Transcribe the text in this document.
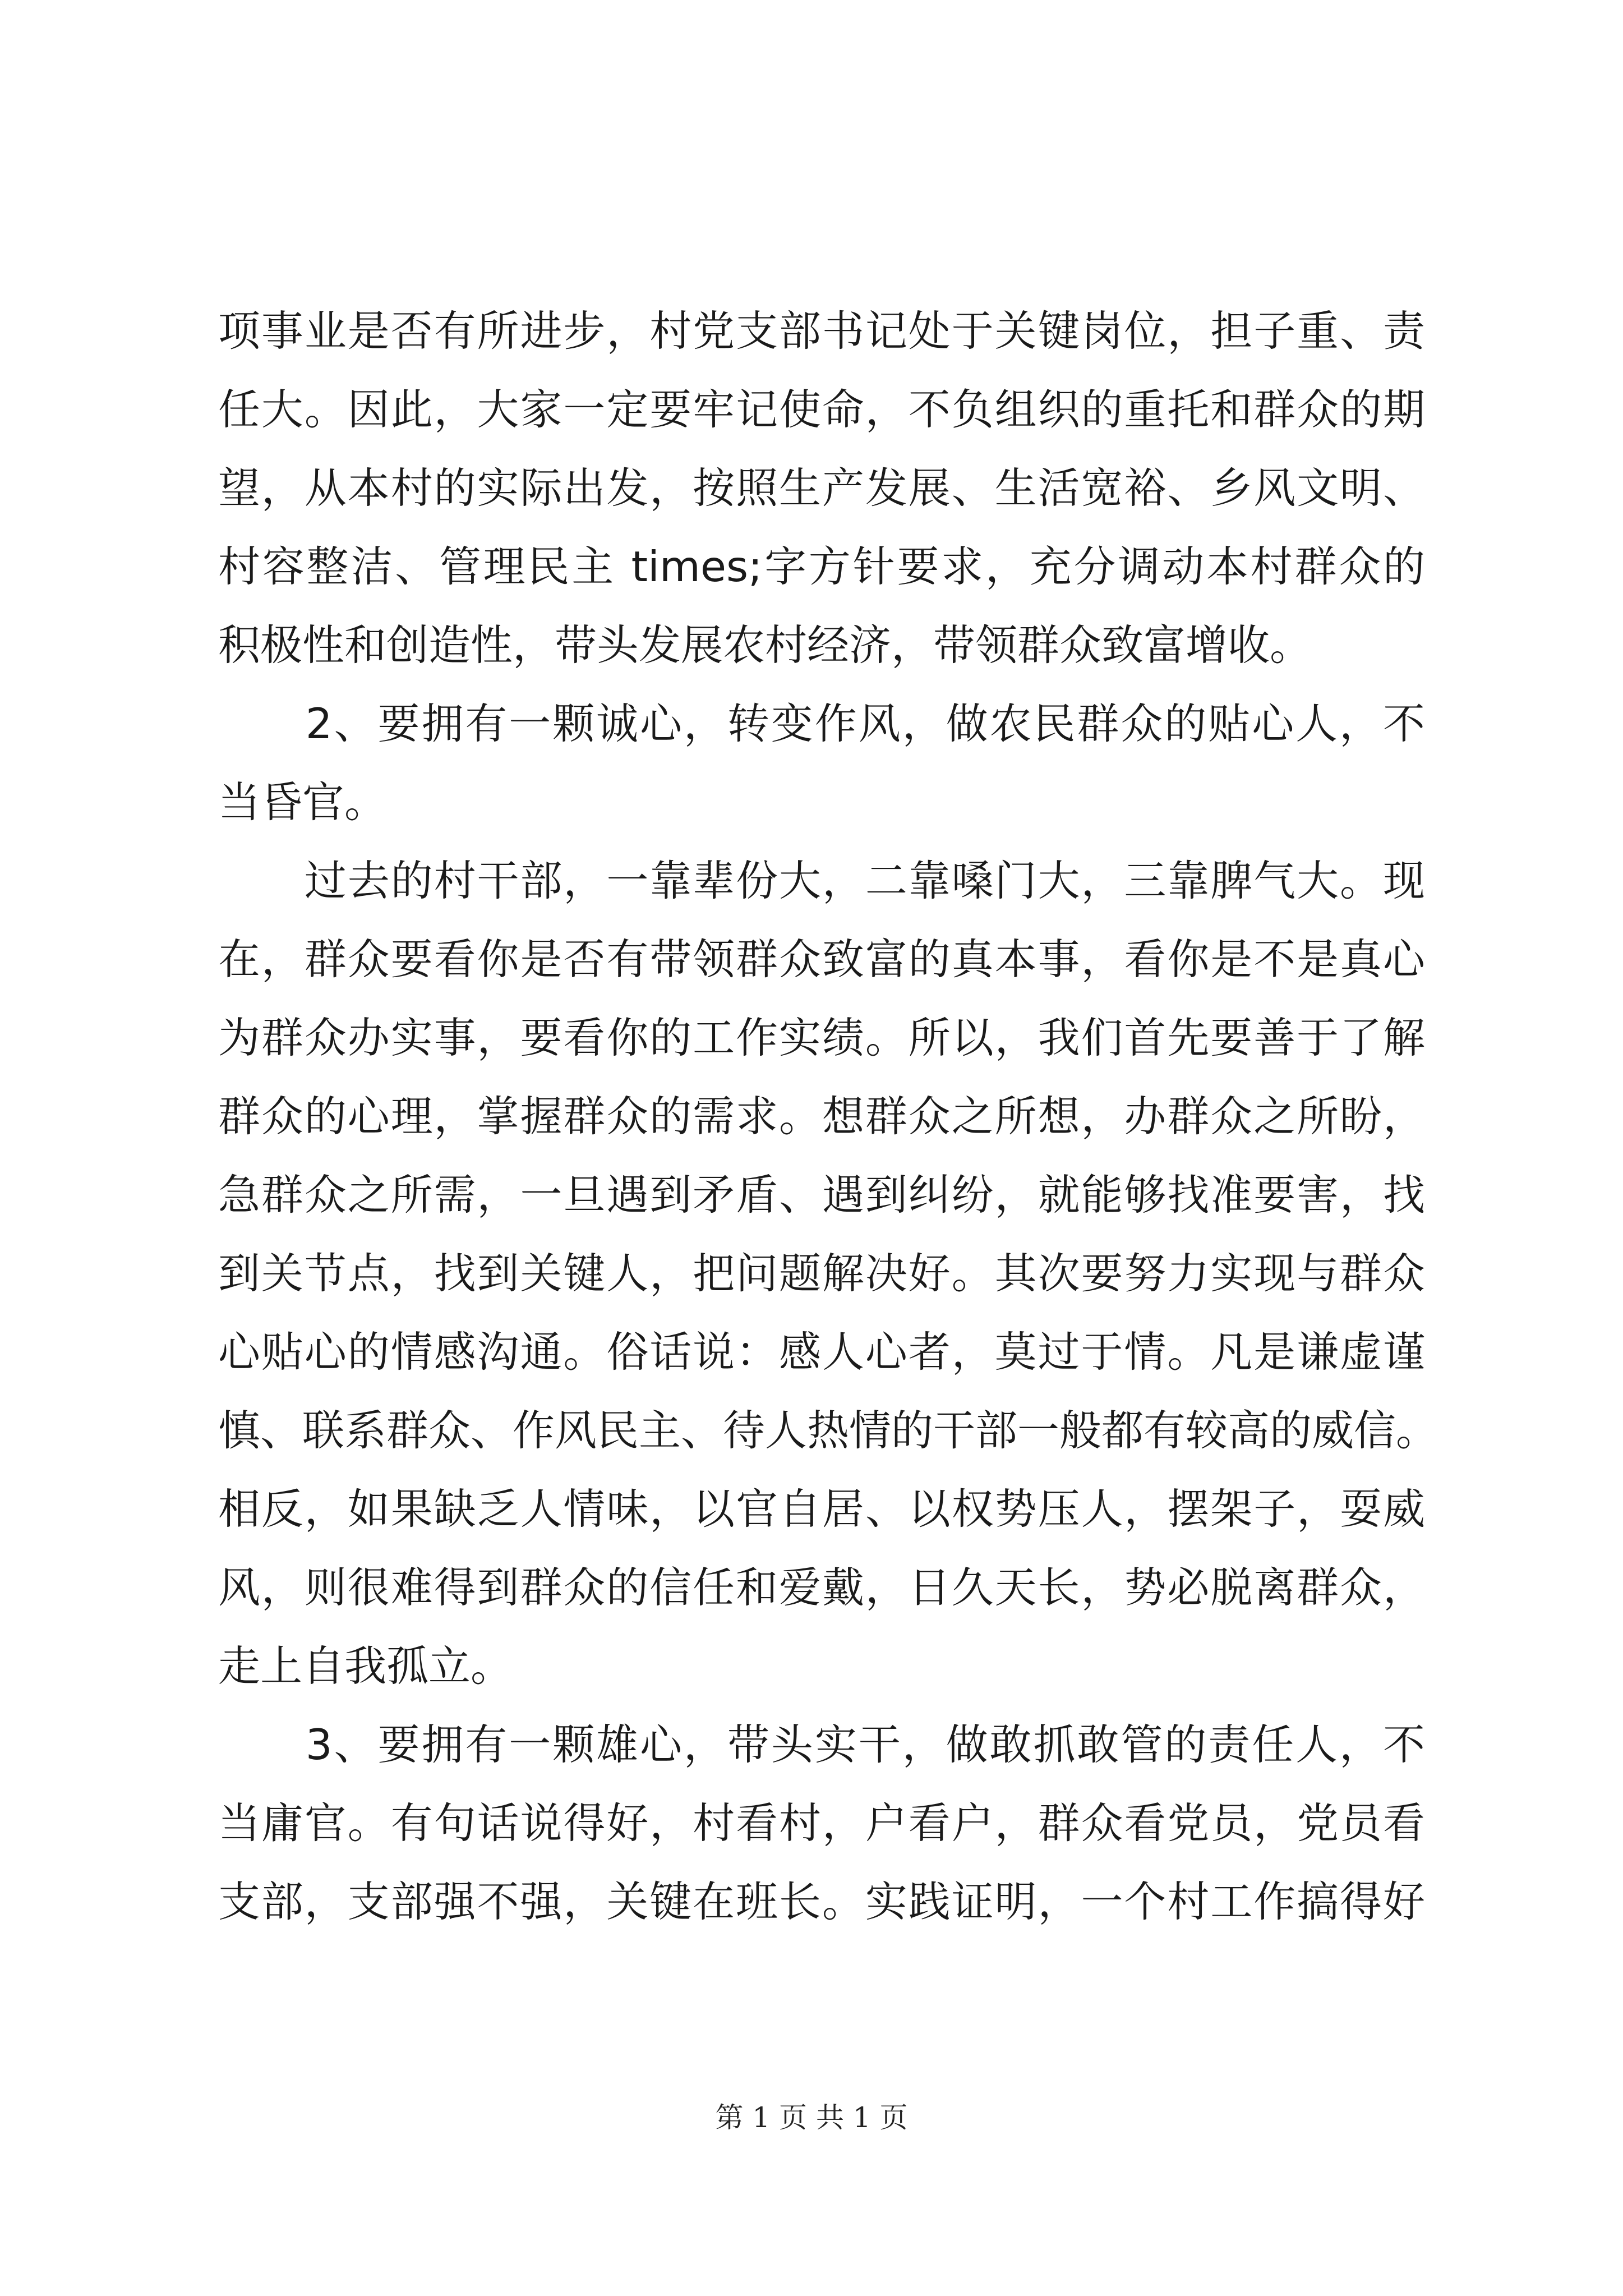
项事业是否有所进步，村党支部书记处于关键岗位，担子重、责
任大。因此，大家一定要牢记使命，不负组织的重托和群众的期
望，从本村的实际出发，按照生产发展、生活宽裕、乡风文明、
村容整洁、管理民主 times;字方针要求，充分调动本村群众的
积极性和创造性，带头发展农村经济，带领群众致富增收。
　　2、要拥有一颗诚心，转变作风，做农民群众的贴心人，不
当昏官。
　　过去的村干部，一靠辈份大，二靠嗓门大，三靠脾气大。现
在，群众要看你是否有带领群众致富的真本事，看你是不是真心
为群众办实事，要看你的工作实绩。所以，我们首先要善于了解
群众的心理，掌握群众的需求。想群众之所想，办群众之所盼，
急群众之所需，一旦遇到矛盾、遇到纠纷，就能够找准要害，找
到关节点，找到关键人，把问题解决好。其次要努力实现与群众
心贴心的情感沟通。俗话说：感人心者，莫过于情。凡是谦虚谨
慎、联系群众、作风民主、待人热情的干部一般都有较高的威信。
相反，如果缺乏人情味，以官自居、以权势压人，摆架子，耍威
风，则很难得到群众的信任和爱戴，日久天长，势必脱离群众，
走上自我孤立。
　　3、要拥有一颗雄心，带头实干，做敢抓敢管的责任人，不
当庸官。有句话说得好，村看村，户看户，群众看党员，党员看
支部，支部强不强，关键在班长。实践证明，一个村工作搞得好
第 1 页 共 1 页
